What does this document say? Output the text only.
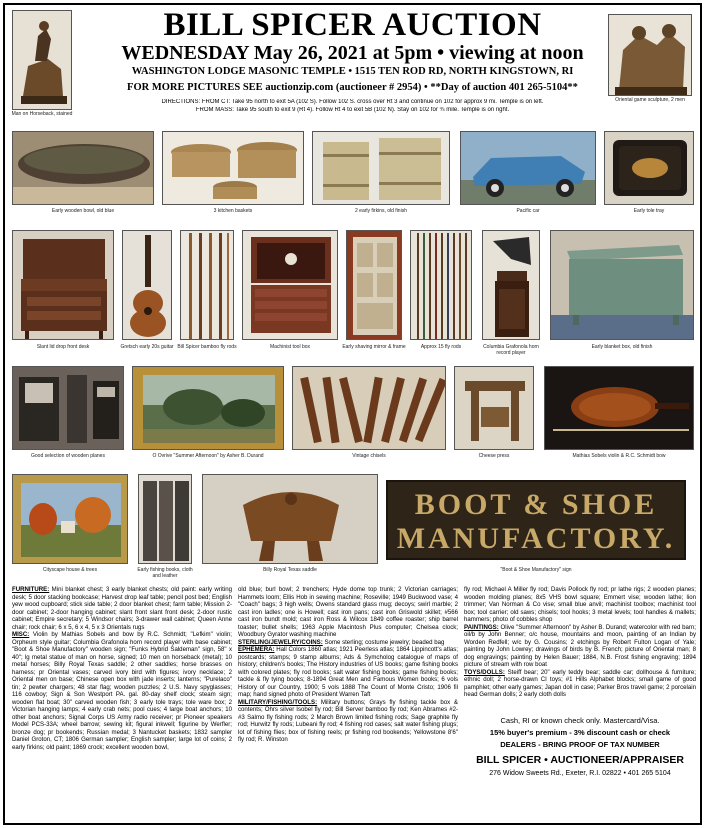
Man on Horseback, stained
Oriental game sculpture, 2 men
BILL SPICER AUCTION
WEDNESDAY May 26, 2021 at 5pm • viewing at noon
WASHINGTON LODGE MASONIC TEMPLE • 1515 TEN ROD RD, NORTH KINGSTOWN, RI
FOR MORE PICTURES SEE auctionzip.com (auctioneer # 2954) • **Day of auction 401 265-5104**
DIRECTIONS: FROM CT: Take 95 north to exit 5A (102 S). Follow 102 S. cross over Rt 3 and continue on 102 for approx 9 mi. Temple is on left.
FROM MASS: Take 95 south to exit 9 (Rt 4). Follow Rt 4 to exit 5B (102 N). Stay on 102 for ¾ mile. Temple is on right.
Early wooden bowl, old blue	3 kitchen baskets	2 early firkins, old finish	Pacific car	Early tole tray
Slant lid drop front desk	Gretsch early 20s guitar Bill Spicer bamboo fly rods	Machinist tool box	Early shaving mirror & frame	Approx 15 fly rods	Columbia Grafonola horn record player
Early blanket box, old finish
Good selection of wooden planes	O Ovrive "Summer Afternoon" by Asher B. Durand	Vintage chisels	Cheese press	Mathias Sobels violin & R.C. Schmidt bow
Cityscape house & trees	Early fishing books, cloth and leather
Billy Royal Texas saddle
BOOT & SHOE
MANUFACTORY.
"Boot & Shoe Manufactory" sign

FURNITURE: Mini blanket chest; 3 early blanket chests; old paint: early writing desk; 5 door stacking bookcase; Harvest drop leaf table; pencil post bed; English yew wood cupboard; stick side table; 2 door blanket chest; farm table; Mission 2-door cabinet; 2-door hanging cabinet; slant front slant front desk; 2-door rustic cabinet; Empire secretary; 5 Windsor chairs; 3-drawer wall cabinet; Queen Anne chair; rock chair; 6 x 5, 6 x 4, 5 x 3 Orientals rugs

MISC: Violin by Mathias Sobels and bow by R.C. Schmidt; "Lefkim" violin; Orpheum style guitar; Columbia Grafonola horn record player with base cabinet; "Boot & Shoe Manufactory" wooden sign; "Funks Hybrid Saldeman" sign, 58" x 40"; lg metal statue of man on horse, signed; 10 men on horseback (metal); 10 metal horses; Billy Royal Texas saddle; 2 other saddles; horse brasses on harness; pr Oriental vases; carved ivory bird with figures; ivory necklace; 2 Oriental men on base; Chinese open box with jade inserts; lanterns; "Purelaco" tin; 2 pewter chargers; 48 star flag; wooden puzzles; 2 U.S. Navy spyglasses; 116 cowboy; Sign & Son Westport PA. gal. 80-day shelf clock; steam sign; wooden flat boat; 30" carved wooden fish; 3 early tole trays; tole ware box; 2 Victorian hanging lamps; 4 early crab nets; pool cues; 4 large boat anchors; 10 other boat anchors; Signal Corps US Army radio receiver; pr Pioneer speakers Model PCS-33A; wheel barrow; sewing kit; figural inkwell; figurine by Werfler; bronze dog; pr bookends; Russian medal; 3 Nantucket baskets; 1832 sampler Daniel Groton, CT; 1806 German sampler; English sampler; large lot of coins; 2 early firkins; old paint; 1869 crock; excellent wooden bowl,

old blue; burl bowl; 2 trenchers; Hyde dome top trunk; 2 Victorian carriages; Hammets loom; Ellis Hob in sewing machine; Roseville; 1949 Buckwood vase; 4 "Coach" bags; 3 high wells; Owens standard glass mug; decoys; swirl marble; 2 cast iron ladles; one is Howell; cast iron pans; cast iron Griswold skillet; #566 cast iron bundt mold; cast iron Ross & Wilcox 1849 coffee roaster; ship barrel toaster; bullet shells; 1963 Apple Macintosh Plus computer; Chelsea clock; Woodbury Gyrator washing machine

STERLING/JEWELRY/COINS: Some sterling; costume jewelry; beaded bag

EPHEMERA: Hall Colors 1860 atlas; 1921 Peerless atlas; 1864 Lippincott's atlas; postcards; stamps; 9 stamp albums; Ads & Symcholog catalogue of maps of history; children's books; The History industries of US books; game fishing books with colored plates; fly rod books; salt water fishing books; game fishing books; tackle & fly tying books; 8-1894 Great Men and Famous Women books; 6 vols History of our Country, 1900; 5 vols 1888 The Count of Monte Cristo; 1906 fil map; hand signed photo of President Warren Taft

MILITARY/FISHING/TOOLS: Military buttons; Grays fly fishing tackle box & contents; Ohrs silver Isobel fly rod; Bill Server bamboo fly rod; Ken Abrames #2-#3 Salmo fly fishing rods; 2 March Brown limited fishing rods; Sage graphite fly rod; Hurwitz fly rods; Lubeani fly rod; 4 fishing rod cases; salt water fishing plugs; lot of fishing flies; box of fishing reels; pr fishing rod bookends; Yellowstone 8'6" fly rod; R. Winston

fly rod; Michael A Miller fly rod; Davis Pollock fly rod; pr lathe rigs; 2 wooden planes; wooden molding planes; 8x5 VHS bowl square; Emmert vise; wooden lathe; lion trimmer; Van Norman & Co vise; small blue anvil; machinist toolbox; machinist tool box; tool carrier; old saws; chisels; tool hooks; 3 metal levels; tool handles & mallets; hammers; photo of cobbles shop

PAINTINGS: Olive "Summer Afternoon" by Asher B. Durand; watercolor with red barn; oil/b by John Benner; o/c house, mountains and moon, painting of an Indian by Worden Redfell; w/c by G. Cousins; 2 etchings by Robert Fulton Logan of Yale; painting by John Lowrey; drawings of birds by B. French; picture of Oriental man; 8 dog engravings; painting by Helen Bauer; 1884, N.B. Frost fishing engraving; 1894 picture of stream with row boat

TOYS/DOLLS: Steiff bear; 20" early teddy bear; saddle car; dollhouse & furniture; ethnic doll; 2 horse-drawn CI toys; #1 Hills Alphabet blocks; small game of good pamphlet; other early games; Japan doll in case; Parker Bros travel game; 2 porcelain head German dolls; 2 early cloth dolls

Cash, RI or known check only. Mastercard/Visa.
15% buyer's premium - 3% discount cash or check
DEALERS - BRING PROOF OF TAX NUMBER
BILL SPICER • AUCTIONEER/APPRAISER
276 Widow Sweets Rd., Exeter, R.I. 02822 • 401 265 5104
